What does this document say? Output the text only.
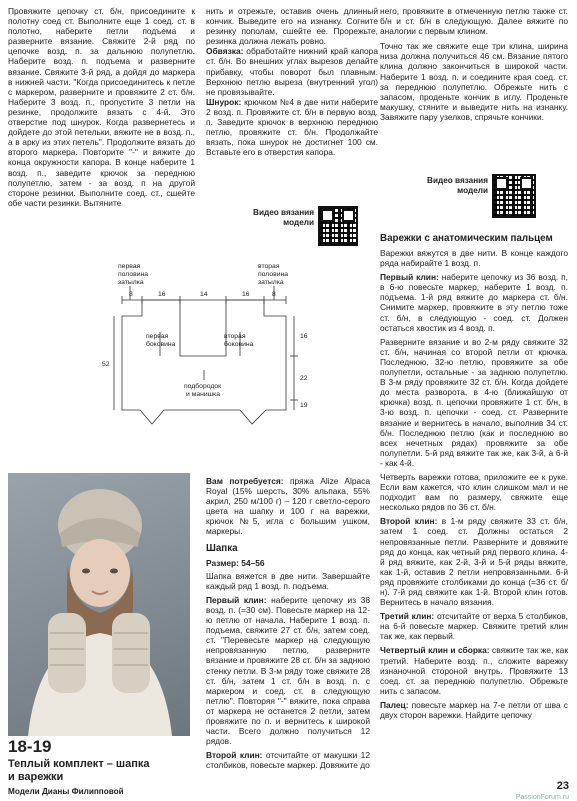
Провяжите цепочку ст. б/н, присоедините к полотну соед ст. Выполните еще 1 соед. ст. в полотно, наберите петли подъема и разверните вязание. Свяжите 2-й ряд по цепочке возд. п. за дальнюю полупетлю. Наберите возд. п. подъема и разверните вязание. Свяжите 3-й ряд, а дойдя до маркера в нижней части. "Когда присоединитесь к петле с маркером, разверните и провяжите 2 ст. б/н. Наберите 3 возд. п., пропустите 3 петли на резинке, продолжите вязать с 4-й. Это отверстие под шнурок. Когда развернетесь и дойдете до этой петельки, вяжите не в возд. п., а в арку из этих петель". Продолжите вязать до второго маркера. Повторите "-" и вяжите до конца окружности капора. В конце наберите 1 возд. п., заведите крючок за переднюю полупетлю, затем - за возд. п на другой стороне резинки. Выполните соед. ст., сшейте обе части резинки. Вытяните

нить и отрежьте, оставив очень длинный кончик. Выведите его на изнанку. Согните резинку пополам, сшейте ее. Прорежьте, резинка должна лежать ровно.

Обвязка: обработайте нижний край капора ст. б/н. Во внешних углах вырезов делайте прибавку, чтобы поворот был плавным. Верхнюю петлю выреза (внутренний угол) не провязывайте.

Шнурок: крючком №4 в две нити наберите 2 возд. п. Провяжите ст. б/н в первую возд. п. Заведите крючок в верхнюю переднюю петлю, провяжите ст. б/н. Продолжайте вязать, пока шнурок не достигнет 100 см. Вставьте его в отверстия капора.

Видео вязания
модели

него, провяжите в отмеченную петлю также ст. б/н и ст. б/н в следующую. Далее вяжите по аналогии с первым клином.

Точно так же свяжите еще три клина, ширина низа должна получиться 46 см. Вязание пятого клина должно закончиться в широкой части. Наберите 1 возд. п. и соедините края соед. ст. за переднюю полупетлю. Обрежьте нить с запасом, проденьте кончик в иглу. Проденьте макушку, стяните и выведите нить на изнанку. Завяжите пару узелков, спрячьте кончики.

Видео вязания
модели
Варежки с анатомическим пальцем

Варежки вяжутся в две нити. В конце каждого ряда набирайте 1 возд. п.

Первый клин: наберите цепочку из 36 возд. п, в 6-ю повесьте маркер, наберите 1 возд. п. подъема. 1-й ряд вяжите до маркера ст. б/н. Снимите маркер, провяжите в эту петлю тоже ст. б/н, в следующую - соед. ст. Должен остаться хвостик из 4 возд. п.

Разверните вязание и во 2-м ряду свяжите 32 ст. б/н, начиная со второй петли от крючка. Последнюю, 32-ю петлю, провяжите за обе полупетли, остальные - за заднюю полупетлю. В 3-м ряду провяжите 32 ст. б/н. Когда дойдете до места разворота, в 4-ю (ближайшую от крючка) возд. п. цепочки провяжите 1 ст. б/н, в 3-ю возд. п. цепочки - соед. ст. Разверните вязание и вернитесь в начало, выполнив 34 ст. б/н. Последнюю петлю (как и последнюю во всех нечетных рядах) провяжите за обе полупетли. 5-й ряд вяжите так же, как 3-й, а 6-й - как 4-й.

Четверть варежки готова, приложите ее к руке. Если вам кажется, что клин слишком мал и не подходит вам по размеру, свяжите еще несколько рядов по 36 ст. б/н.

Второй клин: в 1-м ряду свяжите 33 ст. б/н, затем 1 соед. ст. Должны остаться 2 непровязанные петли. Разверните и довяжите ряд до конца, как четный ряд первого клина. 4-й ряд вяжите, как 2-й, 3-й и 5-й ряды вяжите, как 1-й, оставив 2 петли непровязанными. 6-й ряд провяжите столбиками до конца (=36 ст. б/н). 7-й ряд свяжите как 1-й. Второй клин готов. Вернитесь в начало вязания.

Третий клин: отсчитайте от верха 5 столбиков, на 6-й повесьте маркер. Свяжите третий клин так же, как первый.

Четвертый клин и сборка: свяжите так же, как третий. Наберите возд. п., сложите варежку изнаночной стороной внутрь. Провяжите 13 соед. ст. за переднюю полупетлю. Обрежьте нить с запасом.

Палец: повесьте маркер на 7-е петли от шва с двух сторон варежки. Найдите цепочку

первая
половина
затылка
вторая
половина
затылка
первая
боковина
вторая
боковина
подбородок
и манишка
8	16	14	16	8
16
22
19
52
18-19
Теплый комплект – шапка и варежки
Модели Дианы Филипповой

Вам потребуется: пряжа Alize Alpaca Royal (15% шерсть, 30% альпака, 55% акрил, 250 м/100 г) – 120 г светло-серого цвета на шапку и 100 г на варежки, крючок №5, игла с большим ушком, маркеры.

Шапка

Размер: 54–56

Шапка вяжется в две нити. Завершайте каждый ряд 1 возд. п. подъема.

Первый клин: наберите цепочку из 38 возд. п. (=30 см). Повесьте маркер на 12-ю петлю от начала. Наберите 1 возд. п. подъема, свяжите 27 ст. б/н, затем соед. ст. "Перевесьте маркер на следующую непровязанную петлю, разверните вязание и провяжите 28 ст. б/н за заднюю стенку петли. В 3-м ряду тоже свяжите 28 ст. б/н, затем 1 ст. б/н в возд. п. с маркером и соед. ст. в следующую петлю". Повторяя "-" вяжите, пока справа от маркера не останется 2 петли, затем провяжите по п. и вернитесь к широкой части. Всего должно получиться 12 рядов.

Второй клин: отсчитайте от макушки 12 столбиков, повесьте маркер. Довяжите до

23
PassionForum.ru
